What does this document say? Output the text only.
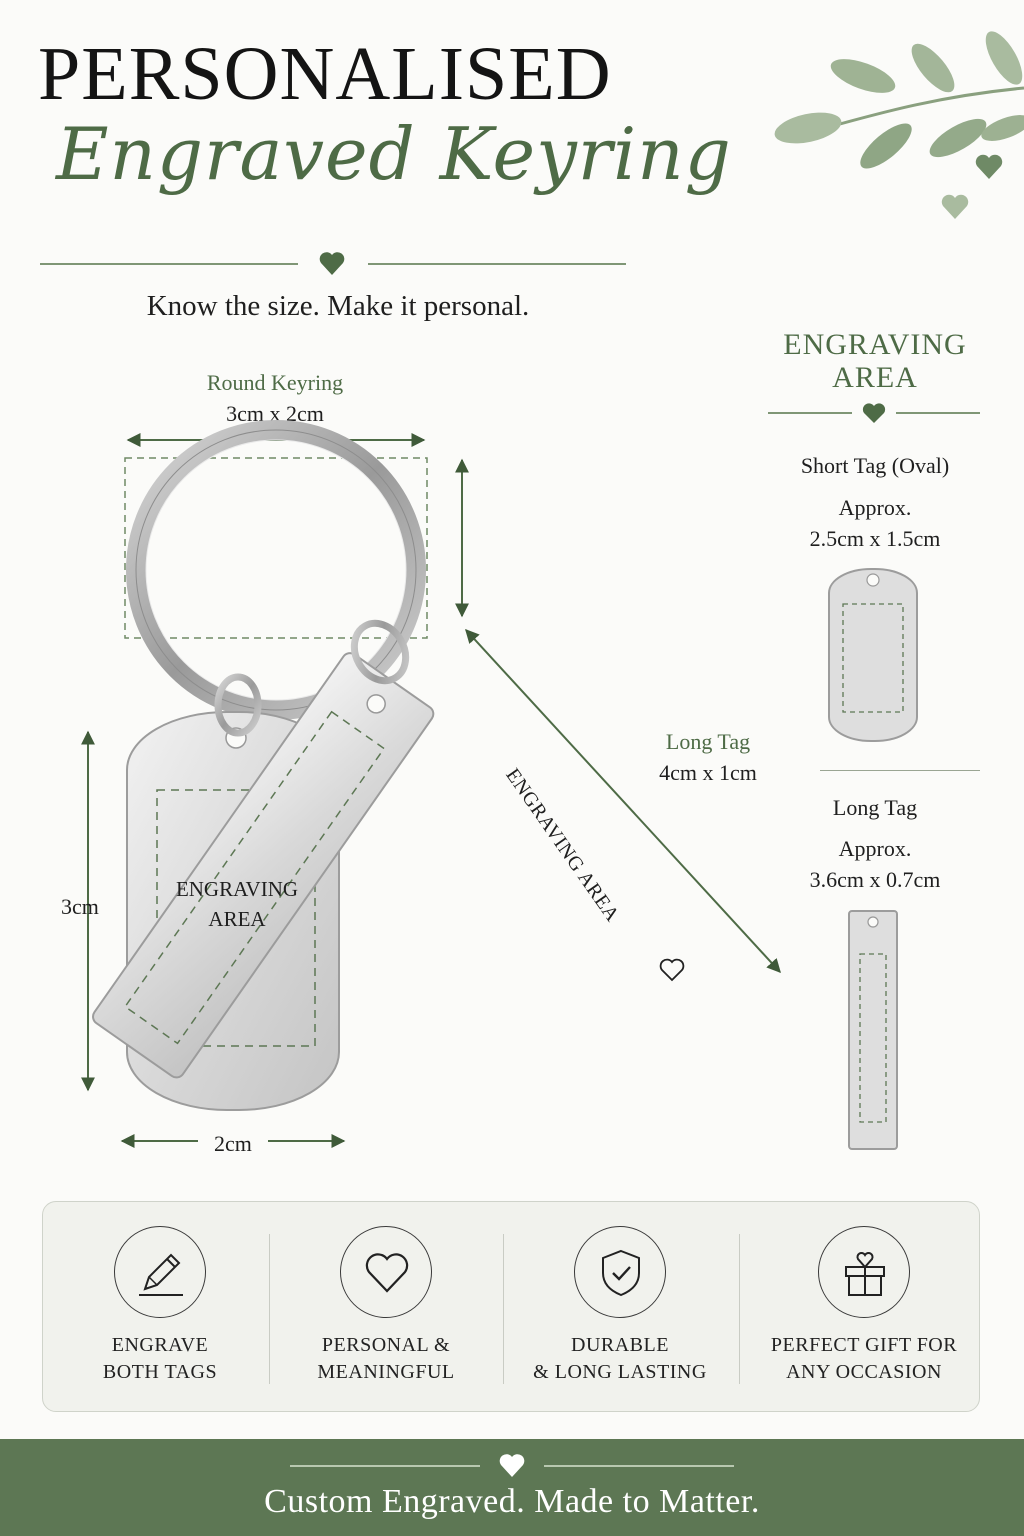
PERSONALISED
Engraved Keyring
Know the size. Make it personal.
Round Keyring
3cm x 2cm
ENGRAVING
AREA
3cm
2cm
ENGRAVING AREA
Long Tag
4cm x 1cm
ENGRAVING
AREA
Short Tag (Oval)
Approx.
2.5cm x 1.5cm
Long Tag
Approx.
3.6cm x 0.7cm
ENGRAVE
BOTH TAGS
PERSONAL &
MEANINGFUL
DURABLE
& LONG LASTING
PERFECT GIFT FOR
ANY OCCASION
Custom Engraved. Made to Matter.
